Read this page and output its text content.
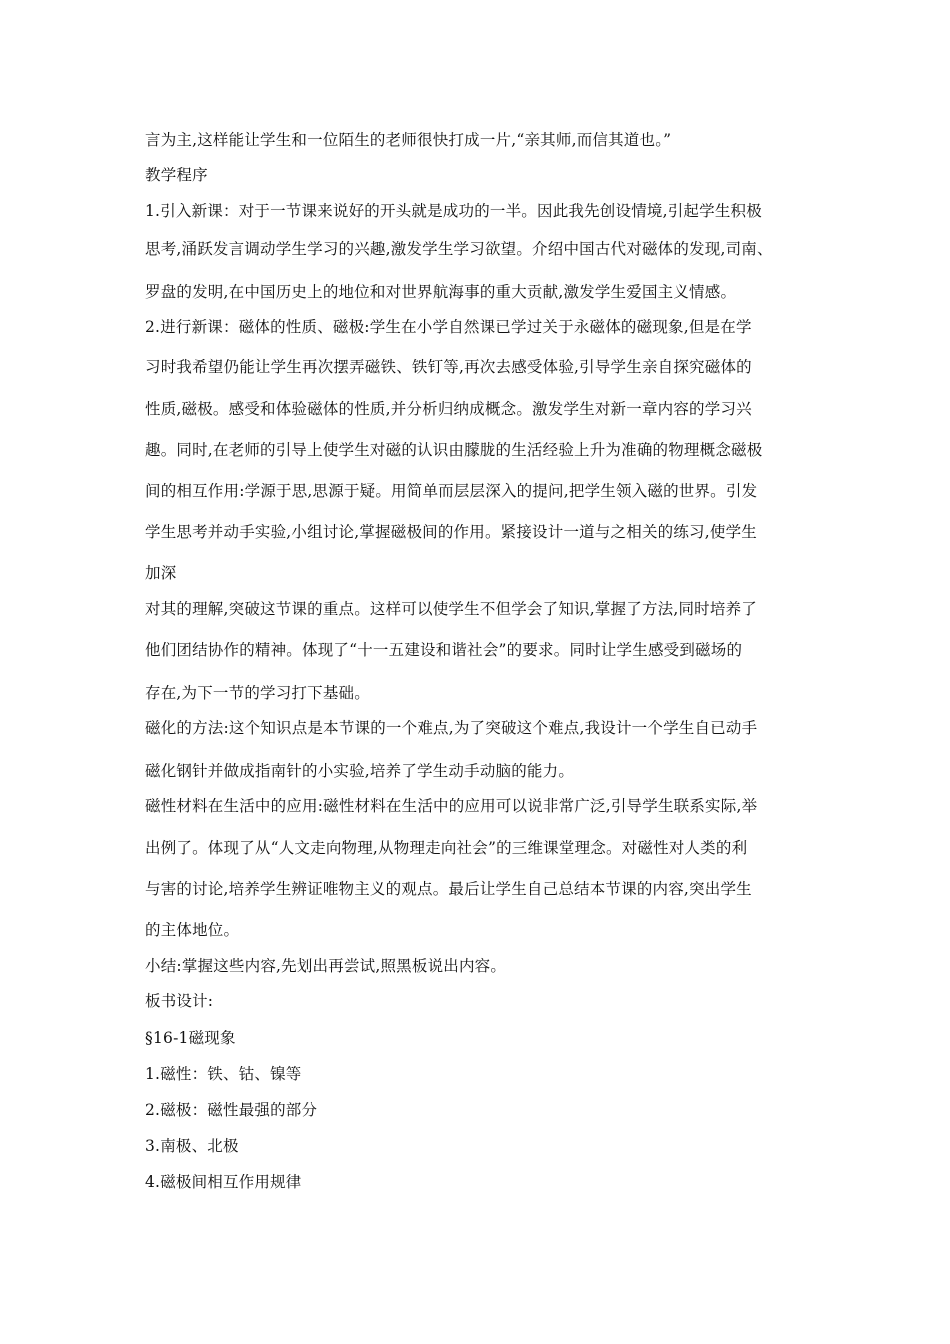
言为主,这样能让学生和一位陌生的老师很快打成一片,“亲其师,而信其道也。”
教学程序
1.引入新课：对于一节课来说好的开头就是成功的一半。因此我先创设情境,引起学生积极
思考,涌跃发言调动学生学习的兴趣,激发学生学习欲望。介绍中国古代对磁体的发现,司南、
罗盘的发明,在中国历史上的地位和对世界航海事的重大贡献,激发学生爱国主义情感。
2.进行新课：磁体的性质、磁极:学生在小学自然课已学过关于永磁体的磁现象,但是在学
习时我希望仍能让学生再次摆弄磁铁、铁钉等,再次去感受体验,引导学生亲自探究磁体的
性质,磁极。感受和体验磁体的性质,并分析归纳成概念。激发学生对新一章内容的学习兴
趣。同时,在老师的引导上使学生对磁的认识由朦胧的生活经验上升为准确的物理概念磁极
间的相互作用:学源于思,思源于疑。用简单而层层深入的提问,把学生领入磁的世界。引发
学生思考并动手实验,小组讨论,掌握磁极间的作用。紧接设计一道与之相关的练习,使学生
加深
对其的理解,突破这节课的重点。这样可以使学生不但学会了知识,掌握了方法,同时培养了
他们团结协作的精神。体现了“十一五建设和谐社会”的要求。同时让学生感受到磁场的
存在,为下一节的学习打下基础。
磁化的方法:这个知识点是本节课的一个难点,为了突破这个难点,我设计一个学生自已动手
磁化钢针并做成指南针的小实验,培养了学生动手动脑的能力。
磁性材料在生活中的应用:磁性材料在生活中的应用可以说非常广泛,引导学生联系实际,举
出例了。体现了从“人文走向物理,从物理走向社会”的三维课堂理念。对磁性对人类的利
与害的讨论,培养学生辨证唯物主义的观点。最后让学生自己总结本节课的内容,突出学生
的主体地位。
小结:掌握这些内容,先划出再尝试,照黑板说出内容。
板书设计:
§16-1磁现象
1.磁性：铁、钴、镍等
2.磁极：磁性最强的部分
3.南极、北极
4.磁极间相互作用规律
